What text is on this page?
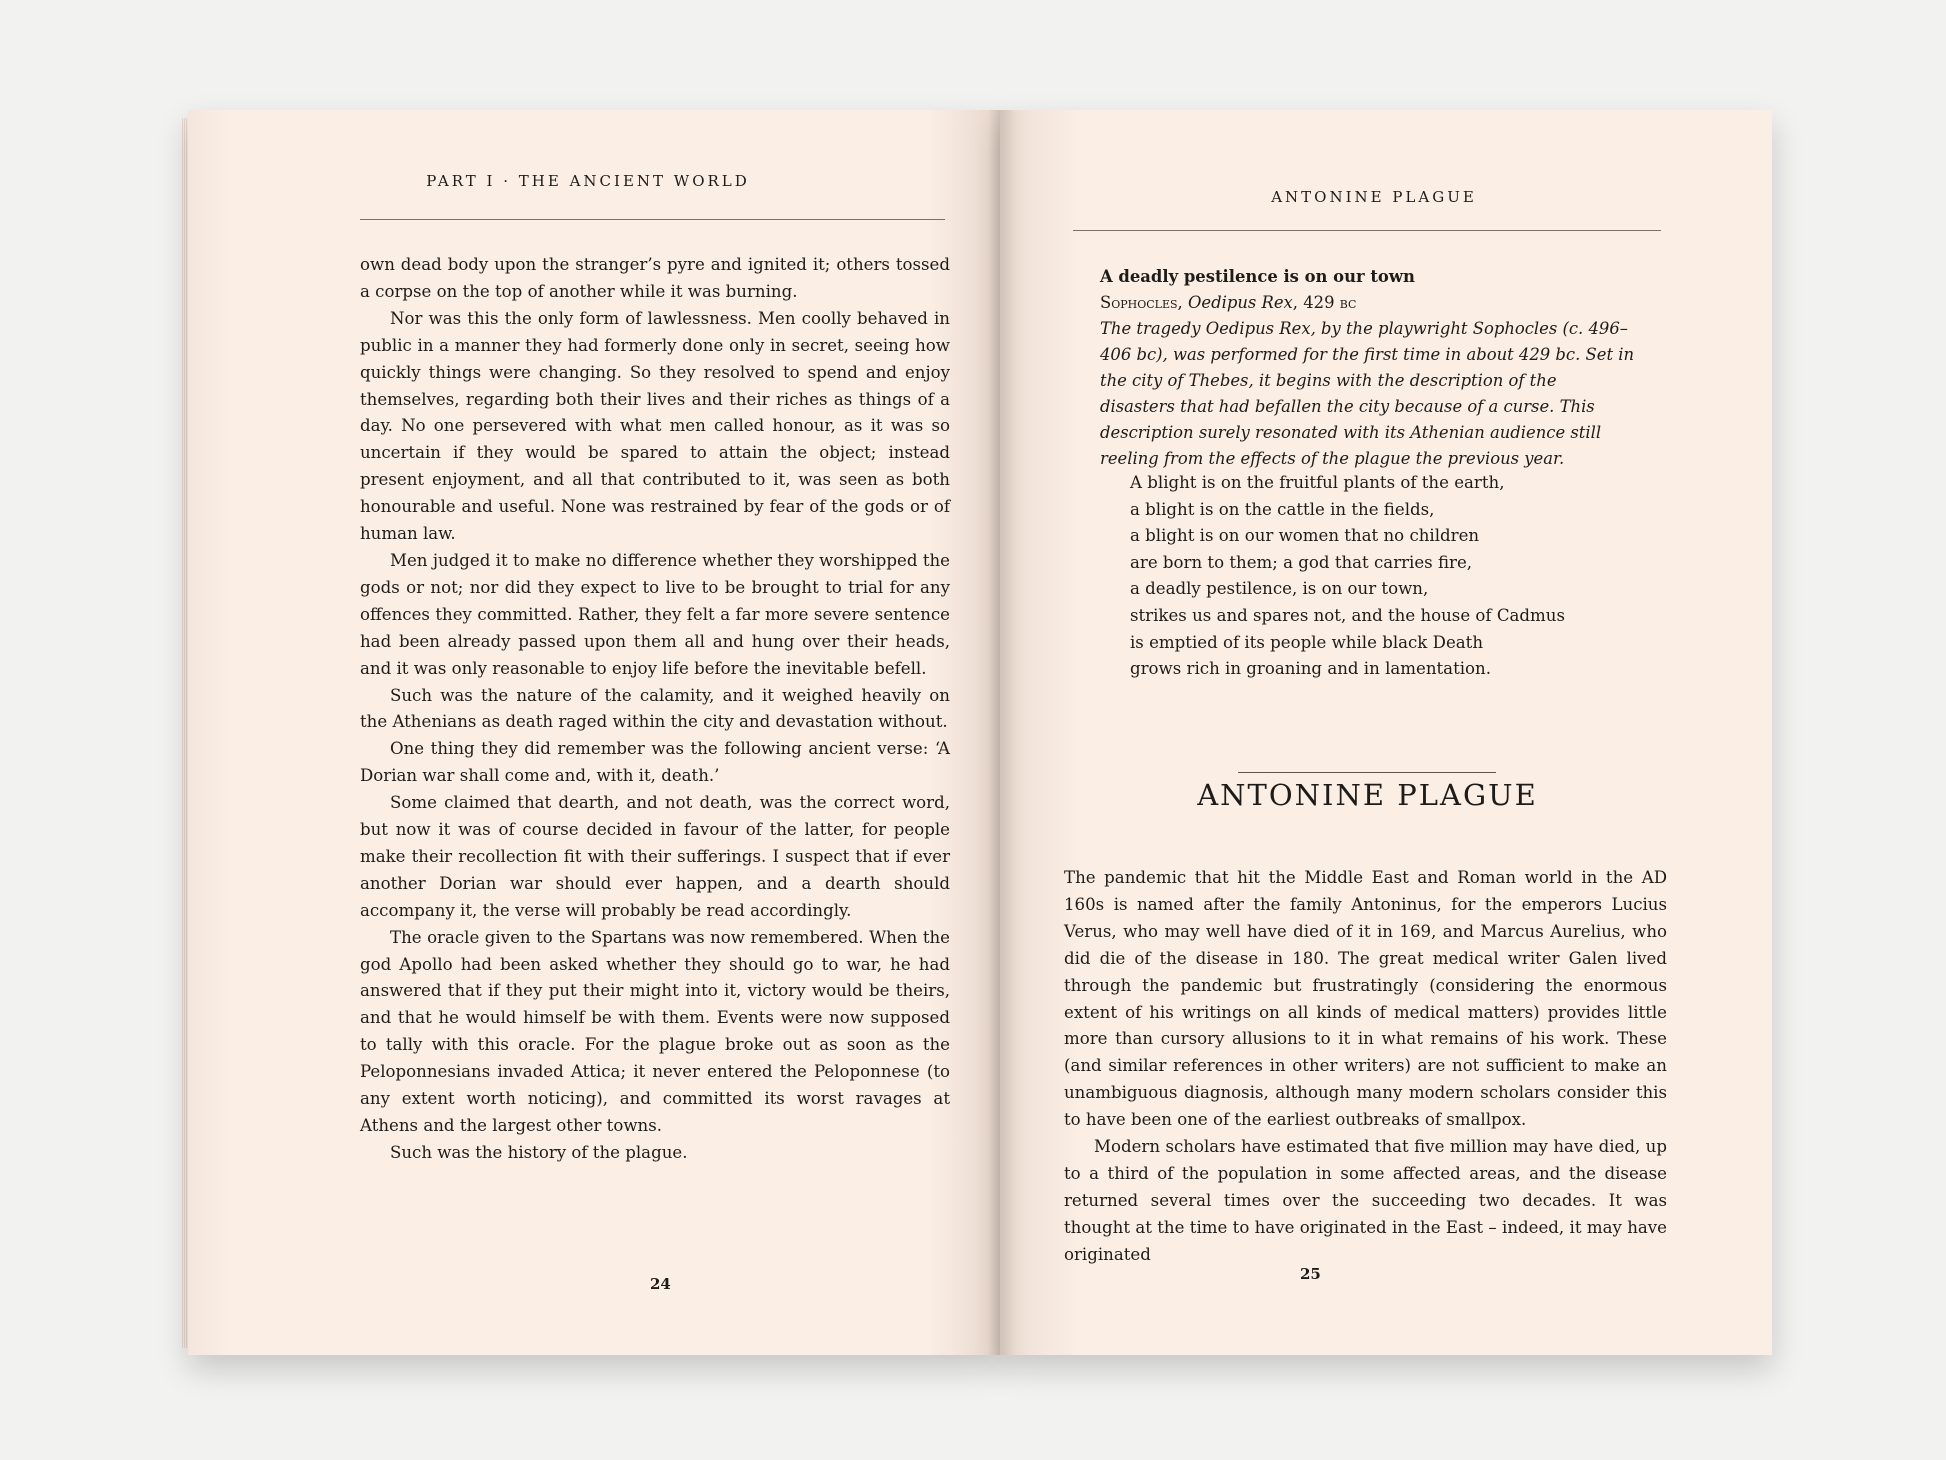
PART I · THE ANCIENT WORLD

own dead body upon the stranger’s pyre and ignited it; others tossed a corpse on the top of another while it was burning.

Nor was this the only form of lawlessness. Men coolly behaved in public in a manner they had formerly done only in secret, seeing how quickly things were changing. So they resolved to spend and enjoy themselves, regarding both their lives and their riches as things of a day. No one persevered with what men called honour, as it was so uncertain if they would be spared to attain the object; instead present enjoyment, and all that contributed to it, was seen as both honourable and useful. None was restrained by fear of the gods or of human law.

Men judged it to make no difference whether they worshipped the gods or not; nor did they expect to live to be brought to trial for any offences they committed. Rather, they felt a far more severe sentence had been already passed upon them all and hung over their heads, and it was only reasonable to enjoy life before the inevitable befell.

Such was the nature of the calamity, and it weighed heavily on the Athenians as death raged within the city and devastation without.

One thing they did remember was the following ancient verse: ‘A Dorian war shall come and, with it, death.’

Some claimed that dearth, and not death, was the correct word, but now it was of course decided in favour of the latter, for people make their recollection fit with their sufferings. I suspect that if ever another Dorian war should ever happen, and a dearth should accompany it, the verse will probably be read accordingly.

The oracle given to the Spartans was now remembered. When the god Apollo had been asked whether they should go to war, he had answered that if they put their might into it, victory would be theirs, and that he would himself be with them. Events were now supposed to tally with this oracle. For the plague broke out as soon as the Peloponnesians invaded Attica; it never entered the Peloponnese (to any extent worth noticing), and committed its worst ravages at Athens and the largest other towns.

Such was the history of the plague.

24
ANTONINE PLAGUE
A deadly pestilence is on our town
Sophocles, Oedipus Rex, 429 bc
The tragedy Oedipus Rex, by the playwright Sophocles (c. 496–406 bc), was performed for the first time in about 429 bc. Set in the city of Thebes, it begins with the description of the disasters that had befallen the city because of a curse. This description surely resonated with its Athenian audience still reeling from the effects of the plague the previous year.
A blight is on the fruitful plants of the earth,
a blight is on the cattle in the fields,
a blight is on our women that no children
are born to them; a god that carries fire,
a deadly pestilence, is on our town,
strikes us and spares not, and the house of Cadmus
is emptied of its people while black Death
grows rich in groaning and in lamentation.
ANTONINE PLAGUE

The pandemic that hit the Middle East and Roman world in the AD 160s is named after the family Antoninus, for the emperors Lucius Verus, who may well have died of it in 169, and Marcus Aurelius, who did die of the disease in 180. The great medical writer Galen lived through the pandemic but frustratingly (considering the enormous extent of his writings on all kinds of medical matters) provides little more than cursory allusions to it in what remains of his work. These (and similar references in other writers) are not sufficient to make an unambiguous diagnosis, although many modern scholars consider this to have been one of the earliest outbreaks of smallpox.

Modern scholars have estimated that five million may have died, up to a third of the population in some affected areas, and the disease returned several times over the succeeding two decades. It was thought at the time to have originated in the East – indeed, it may have originated

25
